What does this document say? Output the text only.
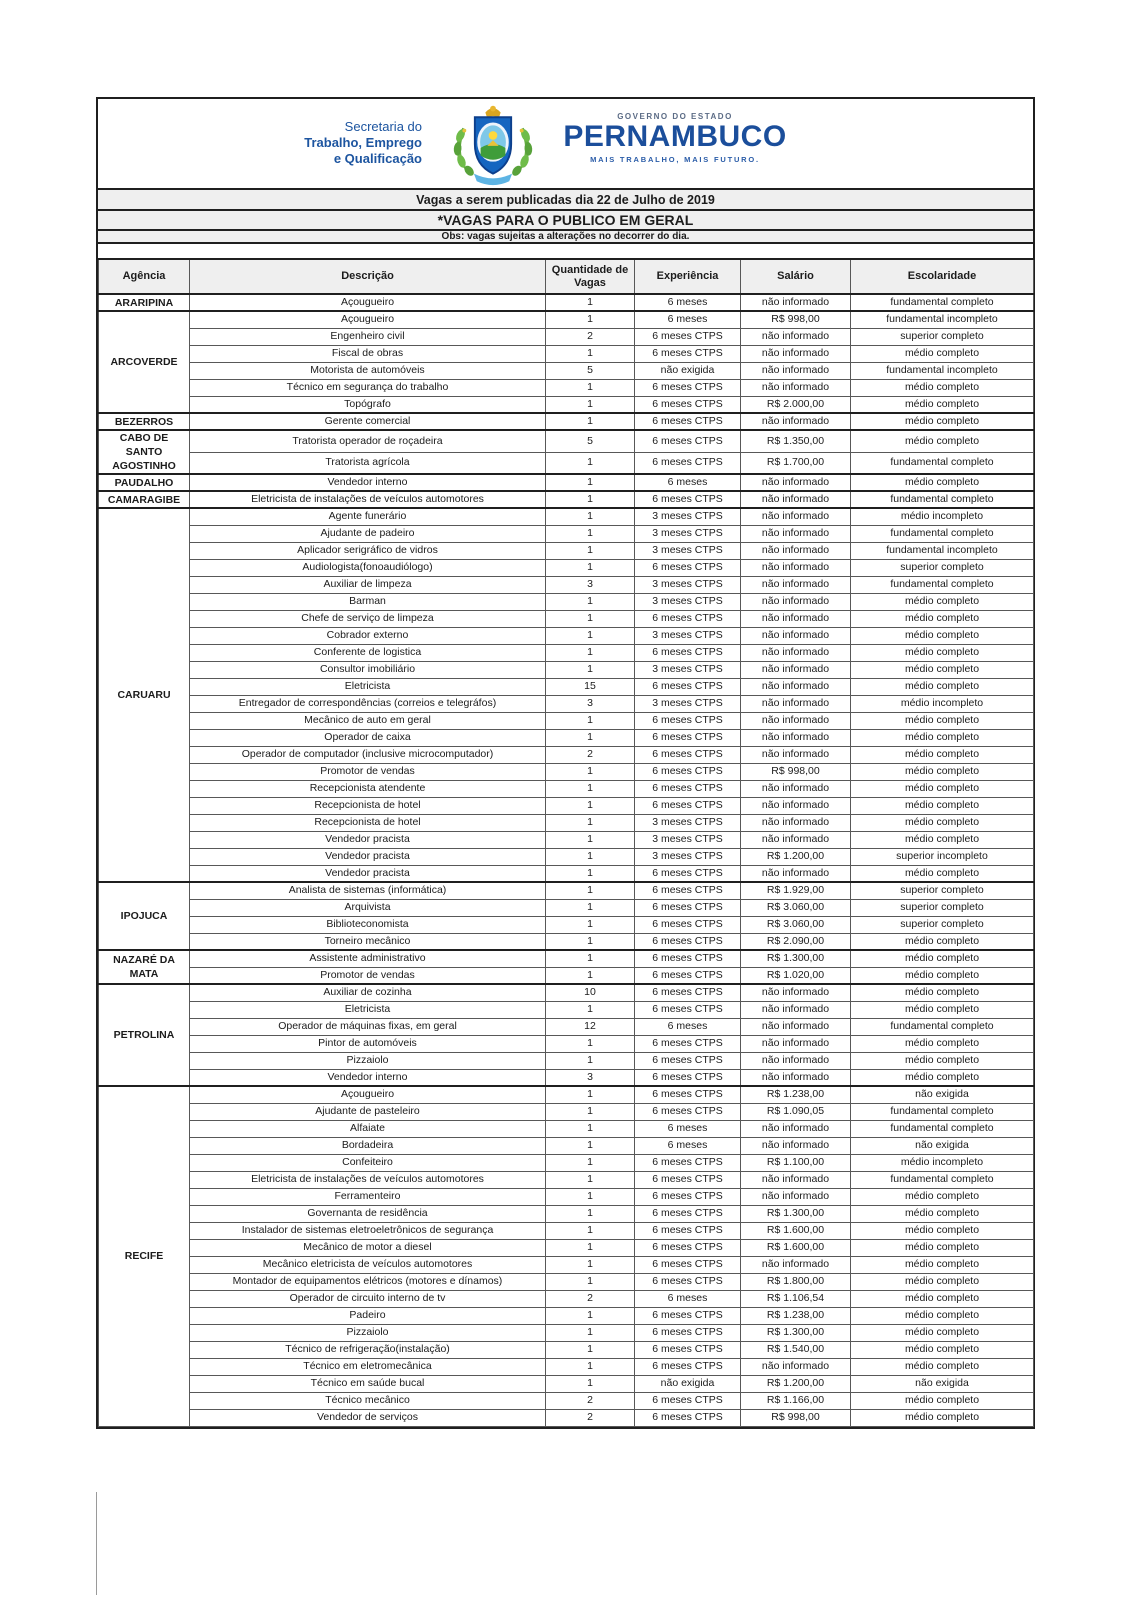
Secretaria do
Trabalho, Emprego
e Qualificação
GOVERNO DO ESTADO
PERNAMBUCO
MAIS TRABALHO, MAIS FUTURO.
Vagas a serem publicadas dia 22 de Julho de 2019
*VAGAS PARA O PUBLICO EM GERAL
Obs: vagas sujeitas a alterações no decorrer do dia.
Agência	Descrição	Quantidade de Vagas	Experiência	Salário	Escolaridade
ARARIPINA	Açougueiro	1	6 meses	não informado	fundamental completo
ARCOVERDE	Açougueiro	1	6 meses	R$ 998,00	fundamental incompleto
	Engenheiro civil	2	6 meses CTPS	não informado	superior completo
	Fiscal de obras	1	6 meses CTPS	não informado	médio completo
	Motorista de automóveis	5	não exigida	não informado	fundamental incompleto
	Técnico em segurança do trabalho	1	6 meses CTPS	não informado	médio completo
	Topógrafo	1	6 meses CTPS	R$ 2.000,00	médio completo
BEZERROS	Gerente comercial	1	6 meses CTPS	não informado	médio completo
CABO DE SANTO AGOSTINHO	Tratorista operador de roçadeira	5	6 meses CTPS	R$ 1.350,00	médio completo
	Tratorista agrícola	1	6 meses CTPS	R$ 1.700,00	fundamental completo
PAUDALHO	Vendedor interno	1	6 meses	não informado	médio completo
CAMARAGIBE	Eletricista de instalações de veículos automotores	1	6 meses CTPS	não informado	fundamental completo
CARUARU	Agente funerário	1	3 meses CTPS	não informado	médio incompleto
	Ajudante de padeiro	1	3 meses CTPS	não informado	fundamental completo
	Aplicador serigráfico de vidros	1	3 meses CTPS	não informado	fundamental incompleto
	Audiologista(fonoaudiólogo)	1	6 meses CTPS	não informado	superior completo
	Auxiliar de limpeza	3	3 meses CTPS	não informado	fundamental completo
	Barman	1	3 meses CTPS	não informado	médio completo
	Chefe de serviço de limpeza	1	6 meses CTPS	não informado	médio completo
	Cobrador externo	1	3 meses CTPS	não informado	médio completo
	Conferente de logistica	1	6 meses CTPS	não informado	médio completo
	Consultor imobiliário	1	3 meses CTPS	não informado	médio completo
	Eletricista	15	6 meses CTPS	não informado	médio completo
	Entregador de correspondências (correios e telegráfos)	3	3 meses CTPS	não informado	médio incompleto
	Mecânico de auto em geral	1	6 meses CTPS	não informado	médio completo
	Operador de caixa	1	6 meses CTPS	não informado	médio completo
	Operador de computador (inclusive microcomputador)	2	6 meses CTPS	não informado	médio completo
	Promotor de vendas	1	6 meses CTPS	R$ 998,00	médio completo
	Recepcionista atendente	1	6 meses CTPS	não informado	médio completo
	Recepcionista de hotel	1	6 meses CTPS	não informado	médio completo
	Recepcionista de hotel	1	3 meses CTPS	não informado	médio completo
	Vendedor pracista	1	3 meses CTPS	não informado	médio completo
	Vendedor pracista	1	3 meses CTPS	R$ 1.200,00	superior incompleto
	Vendedor pracista	1	6 meses CTPS	não informado	médio completo
IPOJUCA	Analista de sistemas (informática)	1	6 meses CTPS	R$ 1.929,00	superior completo
	Arquivista	1	6 meses CTPS	R$ 3.060,00	superior completo
	Biblioteconomista	1	6 meses CTPS	R$ 3.060,00	superior completo
	Torneiro mecânico	1	6 meses CTPS	R$ 2.090,00	médio completo
NAZARÉ DA MATA	Assistente administrativo	1	6 meses CTPS	R$ 1.300,00	médio completo
	Promotor de vendas	1	6 meses CTPS	R$ 1.020,00	médio completo
PETROLINA	Auxiliar de cozinha	10	6 meses CTPS	não informado	médio completo
	Eletricista	1	6 meses CTPS	não informado	médio completo
	Operador de máquinas fixas, em geral	12	6 meses	não informado	fundamental completo
	Pintor de automóveis	1	6 meses CTPS	não informado	médio completo
	Pizzaiolo	1	6 meses CTPS	não informado	médio completo
	Vendedor interno	3	6 meses CTPS	não informado	médio completo
RECIFE	Açougueiro	1	6 meses CTPS	R$ 1.238,00	não exigida
	Ajudante de pasteleiro	1	6 meses CTPS	R$ 1.090,05	fundamental completo
	Alfaiate	1	6 meses	não informado	fundamental completo
	Bordadeira	1	6 meses	não informado	não exigida
	Confeiteiro	1	6 meses CTPS	R$ 1.100,00	médio incompleto
	Eletricista de instalações de veículos automotores	1	6 meses CTPS	não informado	fundamental completo
	Ferramenteiro	1	6 meses CTPS	não informado	médio completo
	Governanta de residência	1	6 meses CTPS	R$ 1.300,00	médio completo
	Instalador de sistemas eletroeletrônicos de segurança	1	6 meses CTPS	R$ 1.600,00	médio completo
	Mecânico de motor a diesel	1	6 meses CTPS	R$ 1.600,00	médio completo
	Mecânico eletricista de veículos automotores	1	6 meses CTPS	não informado	médio completo
	Montador de equipamentos elétricos (motores e dínamos)	1	6 meses CTPS	R$ 1.800,00	médio completo
	Operador de circuito interno de tv	2	6 meses	R$ 1.106,54	médio completo
	Padeiro	1	6 meses CTPS	R$ 1.238,00	médio completo
	Pizzaiolo	1	6 meses CTPS	R$ 1.300,00	médio completo
	Técnico de refrigeração(instalação)	1	6 meses CTPS	R$ 1.540,00	médio completo
	Técnico em eletromecânica	1	6 meses CTPS	não informado	médio completo
	Técnico em saúde bucal	1	não exigida	R$ 1.200,00	não exigida
	Técnico mecânico	2	6 meses CTPS	R$ 1.166,00	médio completo
	Vendedor de serviços	2	6 meses CTPS	R$ 998,00	médio completo
